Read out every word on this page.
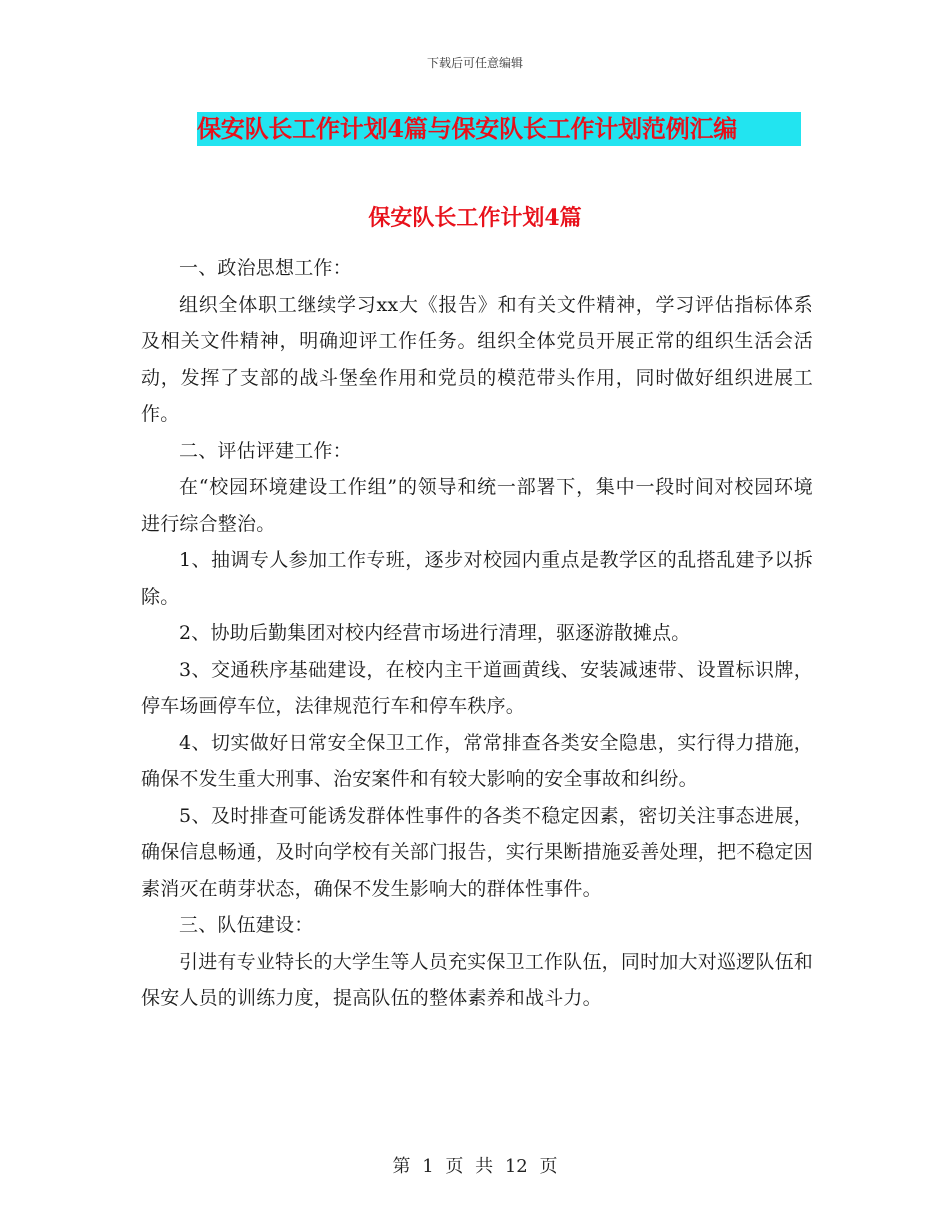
下载后可任意编辑
保安队长工作计划4篇与保安队长工作计划范例汇编
保安队长工作计划4篇

一、政治思想工作：

组织全体职工继续学习xx大《报告》和有关文件精神，学习评估指标体系及相关文件精神，明确迎评工作任务。组织全体党员开展正常的组织生活会活动，发挥了支部的战斗堡垒作用和党员的模范带头作用，同时做好组织进展工作。

二、评估评建工作：

在“校园环境建设工作组”的领导和统一部署下，集中一段时间对校园环境进行综合整治。

1、抽调专人参加工作专班，逐步对校园内重点是教学区的乱搭乱建予以拆除。

2、协助后勤集团对校内经营市场进行清理，驱逐游散摊点。

3、交通秩序基础建设，在校内主干道画黄线、安装减速带、设置标识牌，停车场画停车位，法律规范行车和停车秩序。

4、切实做好日常安全保卫工作，常常排查各类安全隐患，实行得力措施，确保不发生重大刑事、治安案件和有较大影响的安全事故和纠纷。

5、及时排查可能诱发群体性事件的各类不稳定因素，密切关注事态进展，确保信息畅通，及时向学校有关部门报告，实行果断措施妥善处理，把不稳定因素消灭在萌芽状态，确保不发生影响大的群体性事件。

三、队伍建设：

引进有专业特长的大学生等人员充实保卫工作队伍，同时加大对巡逻队伍和保安人员的训练力度，提高队伍的整体素养和战斗力。

第 1 页 共 12 页
